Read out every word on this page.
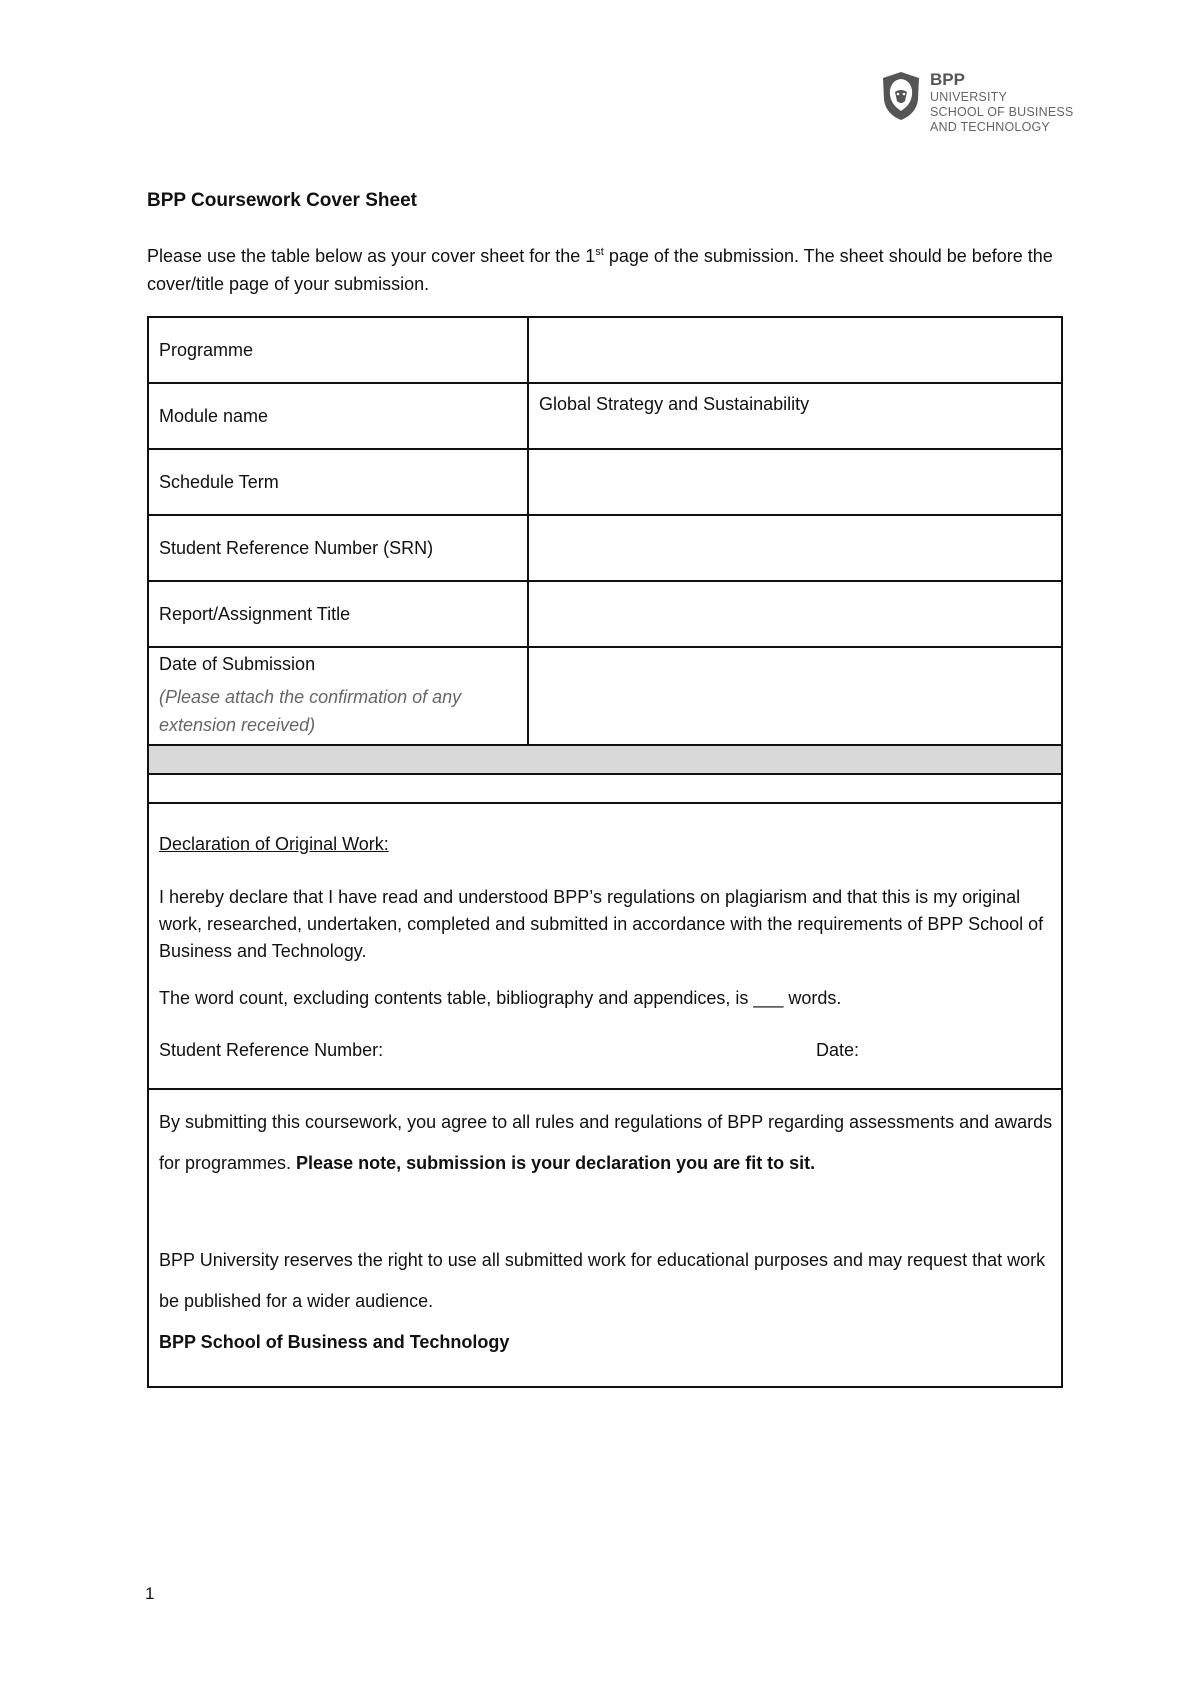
BPP
UNIVERSITY
SCHOOL OF BUSINESS
AND TECHNOLOGY
BPP Coursework Cover Sheet

Please use the table below as your cover sheet for the 1st page of the submission. The sheet should be before the cover/title page of your submission.

Programme	
Module name	Global Strategy and Sustainability
Schedule Term	
Student Reference Number (SRN)	
Report/Assignment Title	

Date of Submission
(Please attach the confirmation of any extension received)	

Declaration of Original Work:

I hereby declare that I have read and understood BPP’s regulations on plagiarism and that this is my original work, researched, undertaken, completed and submitted in accordance with the requirements of BPP School of Business and Technology.

The word count, excluding contents table, bibliography and appendices, is ___ words.

Student Reference Number:	Date:

By submitting this coursework, you agree to all rules and regulations of BPP regarding assessments and awards for programmes. Please note, submission is your declaration you are fit to sit.

BPP University reserves the right to use all submitted work for educational purposes and may request that work be published for a wider audience.

BPP School of Business and Technology

1
